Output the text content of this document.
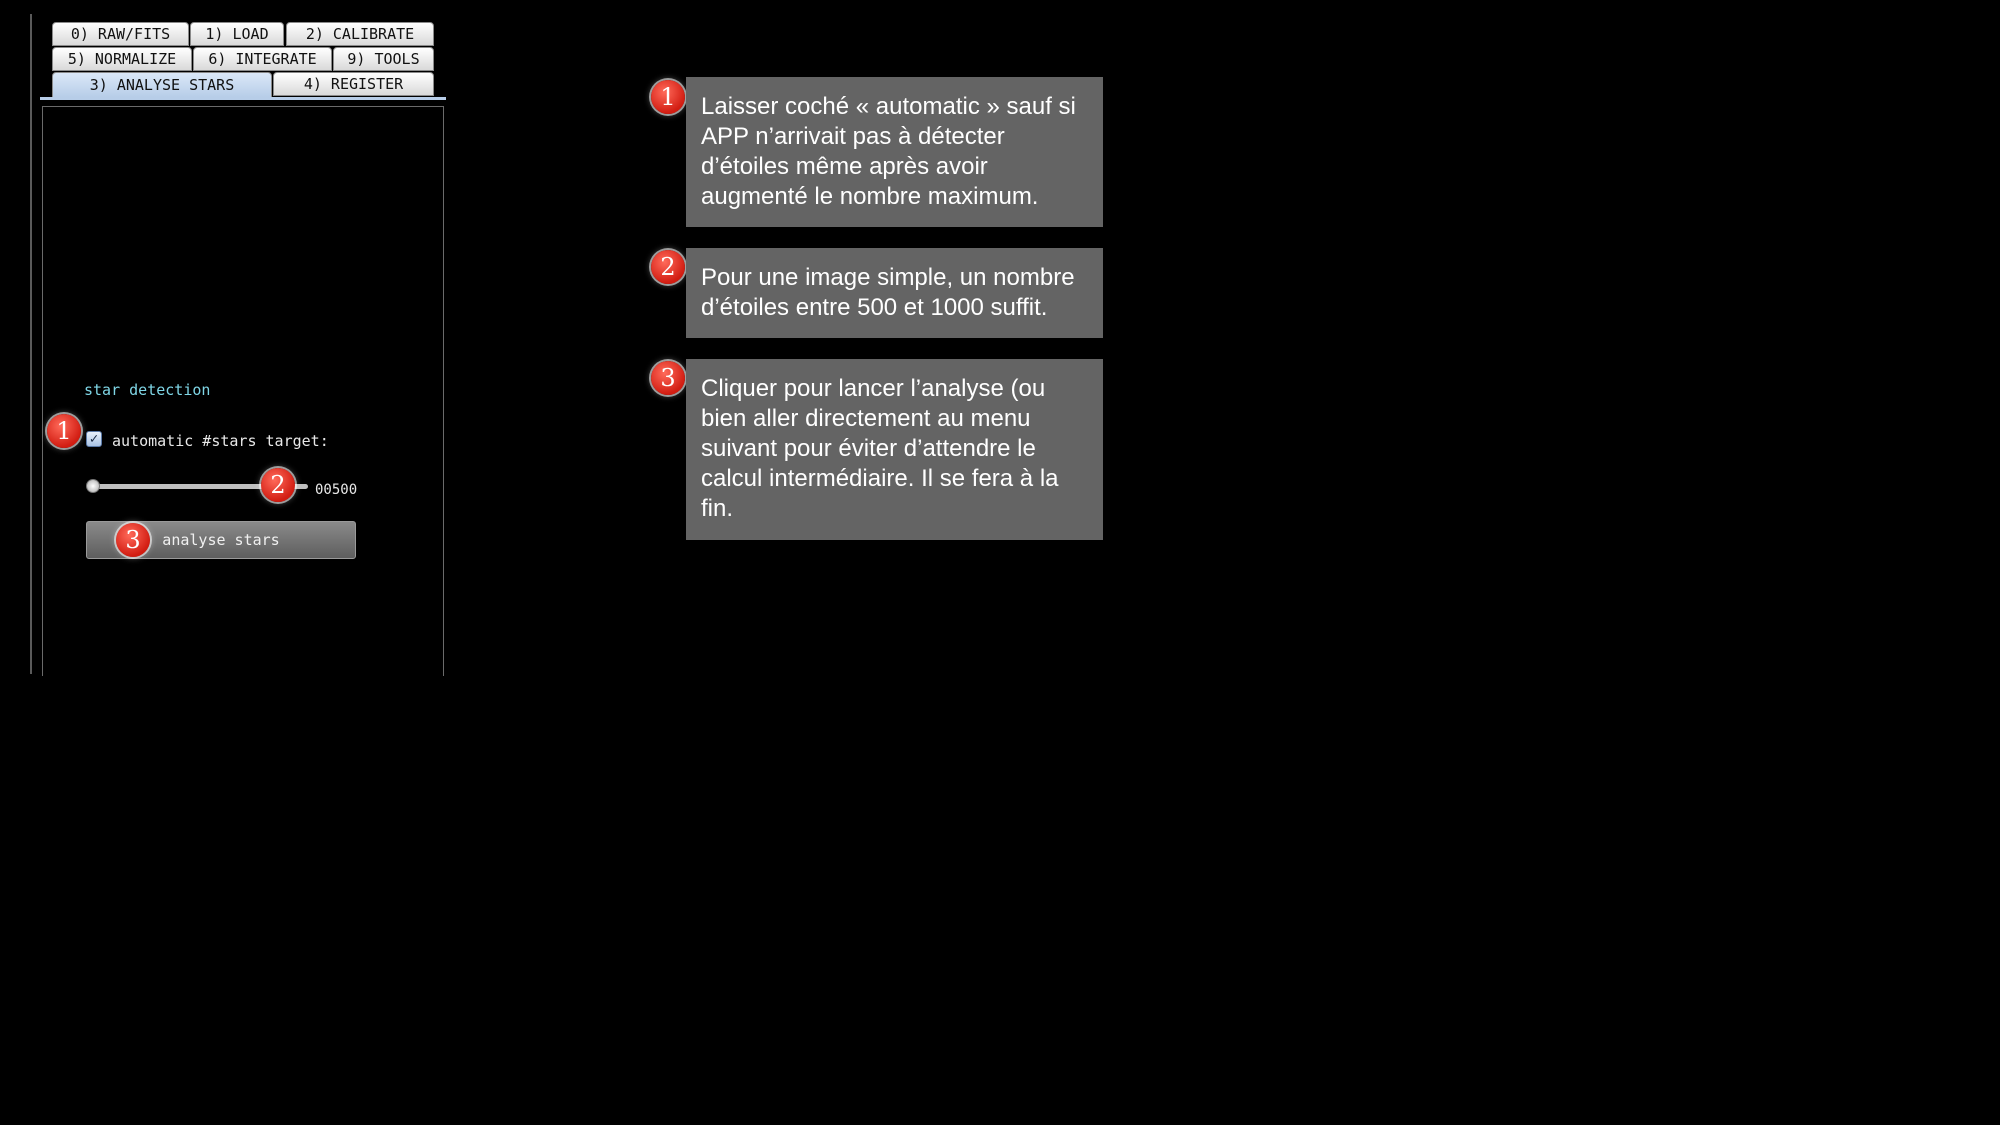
0) RAW/FITS	1) LOAD	2) CALIBRATE
5) NORMALIZE	6) INTEGRATE	9) TOOLS
3) ANALYSE STARS	4) REGISTER
star detection
✓ automatic #stars target:
00500
analyse stars
1
2
3
1
2
3
Laisser coché « automatic » sauf si APP n’arrivait pas à détecter d’étoiles même après avoir augmenté le nombre maximum.
Pour une image simple, un nombre d’étoiles entre 500 et 1000 suffit.
Cliquer pour lancer l’analyse (ou bien aller directement au menu suivant pour éviter d’attendre le calcul intermédiaire. Il se fera à la fin.
